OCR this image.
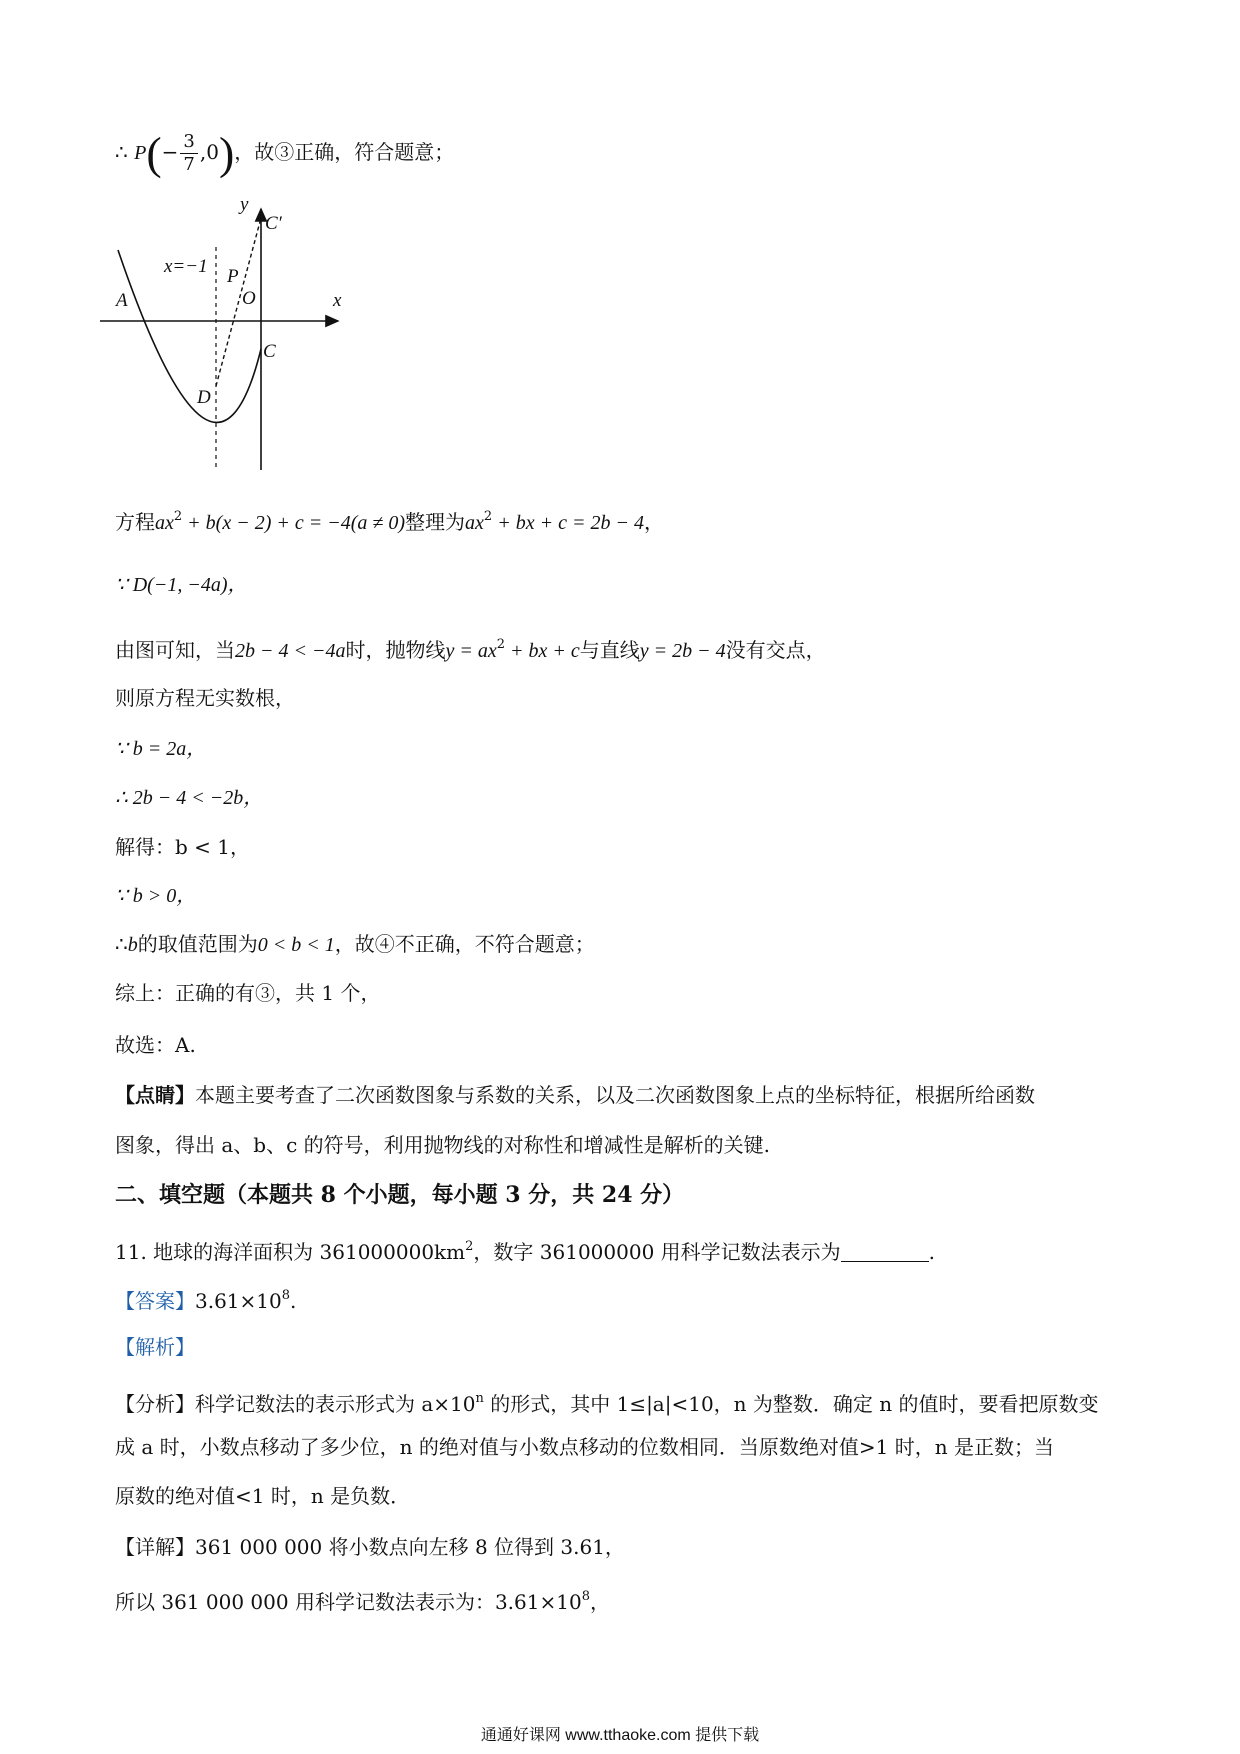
∴ $P(- \frac{3}{7} ,0)$，故③正确，符合题意；
y
C′
x=−1 P
A	O	x
C
D
方程$ax^2 + b(x - 2) + c = -4(a \ne 0)$整理为$ax^2$ + bx + c = 2b − 4，
∵ D(−1, −4a)，
由图可知，当2b − 4 < −4a时，抛物线$y = ax^2$ + bx + c与直线y = 2b − 4没有交点，
则原方程无实数根，
∵ b = 2a，
∴ 2b − 4 < −2b，
解得：b < 1，
∵ b > 0，
∴b的取值范围为0 < b < 1，故④不正确，不符合题意；
综上：正确的有③，共 1 个，
故选：A.
【点睛】本题主要考查了二次函数图象与系数的关系，以及二次函数图象上点的坐标特征，根据所给函数
图象，得出 a、b、c 的符号，利用抛物线的对称性和增减性是解析的关键.
二、填空题（本题共 8 个小题，每小题 3 分，共 24 分）
11. 地球的海洋面积为 $361000000km^2$，数字 361000000 用科学记数法表示为	.
【答案】$3.61\times 10^8$.
【解析】
【分析】科学记数法的表示形式为 $a\times 10^n$ 的形式，其中 1≤|a|<10，n 为整数．确定 n 的值时，要看把原数变
成 a 时，小数点移动了多少位，n 的绝对值与小数点移动的位数相同．当原数绝对值>1 时，n 是正数；当
原数的绝对值<1 时，n 是负数．
【详解】361 000 000 将小数点向左移 8 位得到 3.61，
所以 361 000 000 用科学记数法表示为：$3.61\times 10^8$，
通通好课网 www.tthaoke.com 提供下载
